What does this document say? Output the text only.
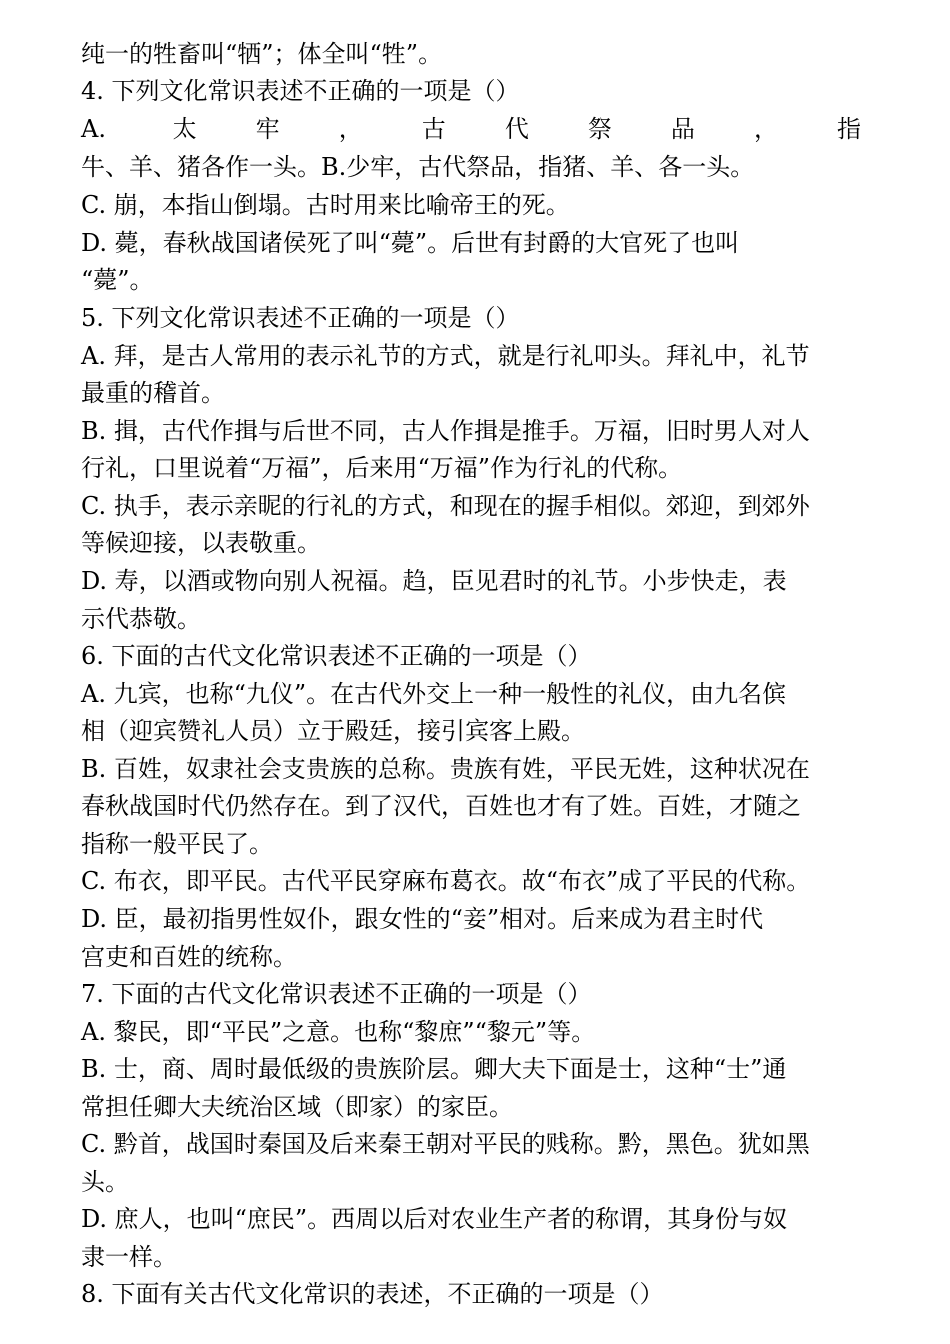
纯一的牲畜叫“牺”；体全叫“牲”。
4. 下列文化常识表述不正确的一项是（）
A. 太牢，古代祭品，指
牛、羊、猪各作一头。B.少牢，古代祭品，指猪、羊、各一头。
C. 崩，本指山倒塌。古时用来比喻帝王的死。
D. 薨，春秋战国诸侯死了叫“薨”。后世有封爵的大官死了也叫
“薨”。
5. 下列文化常识表述不正确的一项是（）
A. 拜，是古人常用的表示礼节的方式，就是行礼叩头。拜礼中，礼节
最重的稽首。
B. 揖，古代作揖与后世不同，古人作揖是推手。万福，旧时男人对人
行礼，口里说着“万福”，后来用“万福”作为行礼的代称。
C. 执手，表示亲昵的行礼的方式，和现在的握手相似。郊迎，到郊外
等候迎接，以表敬重。
D. 寿，以酒或物向别人祝福。趋，臣见君时的礼节。小步快走，表
示代恭敬。
6. 下面的古代文化常识表述不正确的一项是（）
A. 九宾，也称“九仪”。在古代外交上一种一般性的礼仪，由九名傧
相（迎宾赞礼人员）立于殿廷，接引宾客上殿。
B. 百姓，奴隶社会支贵族的总称。贵族有姓，平民无姓，这种状况在
春秋战国时代仍然存在。到了汉代，百姓也才有了姓。百姓，才随之
指称一般平民了。
C. 布衣，即平民。古代平民穿麻布葛衣。故“布衣”成了平民的代称。
D. 臣，最初指男性奴仆，跟女性的“妾”相对。后来成为君主时代
宫吏和百姓的统称。
7. 下面的古代文化常识表述不正确的一项是（）
A. 黎民，即“平民”之意。也称“黎庶”“黎元”等。
B. 士，商、周时最低级的贵族阶层。卿大夫下面是士，这种“士”通
常担任卿大夫统治区域（即家）的家臣。
C. 黔首，战国时秦国及后来秦王朝对平民的贱称。黔，黑色。犹如黑
头。
D. 庶人，也叫“庶民”。西周以后对农业生产者的称谓，其身份与奴
隶一样。
8. 下面有关古代文化常识的表述，不正确的一项是（）
